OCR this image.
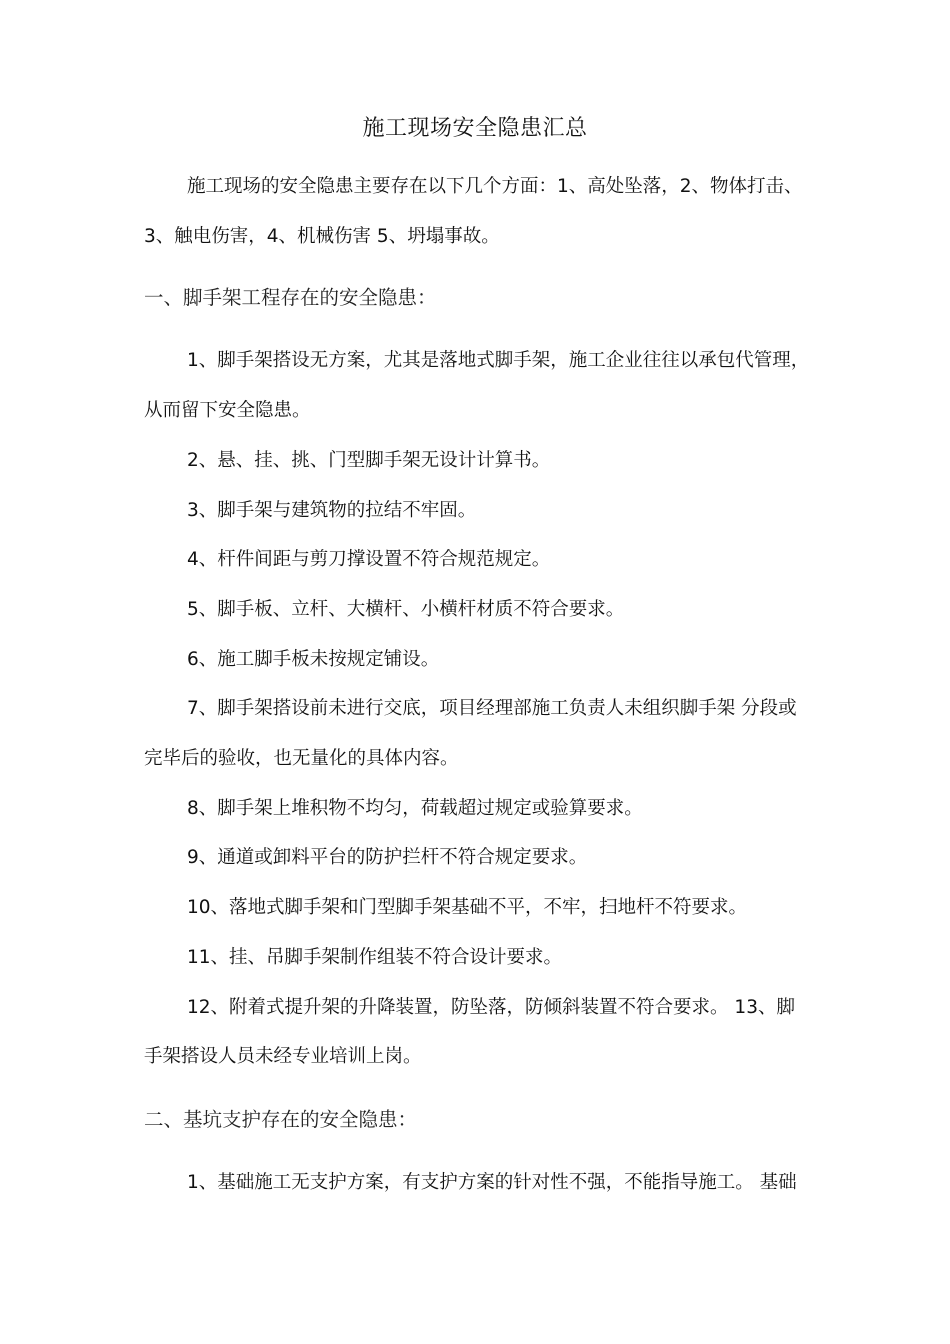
施工现场安全隐患汇总
施工现场的安全隐患主要存在以下几个方面：1、高处坠落，2、物体打击、
3、触电伤害，4、机械伤害 5、坍塌事故。
一、脚手架工程存在的安全隐患：
1、脚手架搭设无方案，尤其是落地式脚手架，施工企业往往以承包代管理，
从而留下安全隐患。
2、悬、挂、挑、门型脚手架无设计计算书。
3、脚手架与建筑物的拉结不牢固。
4、杆件间距与剪刀撑设置不符合规范规定。
5、脚手板、立杆、大横杆、小横杆材质不符合要求。
6、施工脚手板未按规定铺设。
7、脚手架搭设前未进行交底，项目经理部施工负责人未组织脚手架 分段或
完毕后的验收，也无量化的具体内容。
8、脚手架上堆积物不均匀，荷载超过规定或验算要求。
9、通道或卸料平台的防护拦杆不符合规定要求。
10、落地式脚手架和门型脚手架基础不平，不牢，扫地杆不符要求。
11、挂、吊脚手架制作组装不符合设计要求。
12、附着式提升架的升降装置，防坠落，防倾斜装置不符合要求。 13、脚
手架搭设人员未经专业培训上岗。
二、基坑支护存在的安全隐患：
1、基础施工无支护方案，有支护方案的针对性不强，不能指导施工。 基础
